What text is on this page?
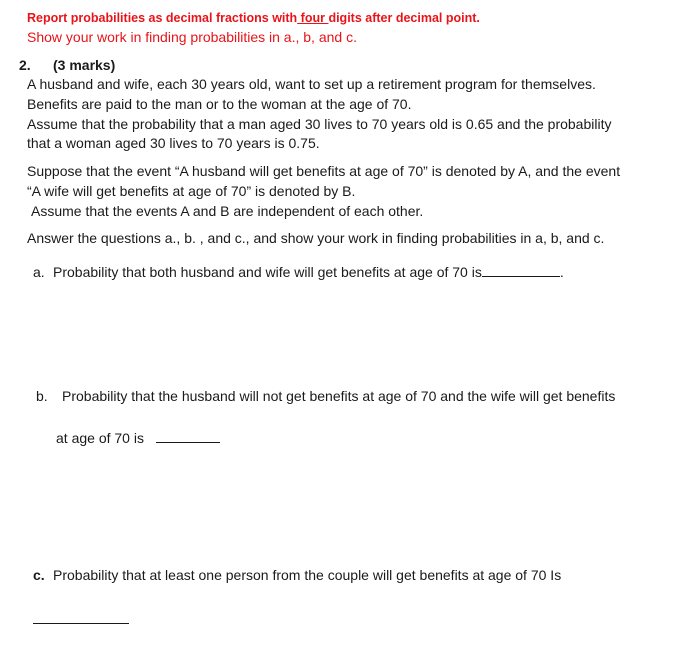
Report probabilities as decimal fractions with four digits after decimal point.
Show your work in finding probabilities in a., b, and c.
2. (3 marks)
A husband and wife, each 30 years old, want to set up a retirement program for themselves.
Benefits are paid to the man or to the woman at the age of 70.
Assume that the probability that a man aged 30 lives to 70 years old is 0.65 and the probability
that a woman aged 30 lives to 70 years is 0.75.
Suppose that the event “A husband will get benefits at age of 70” is denoted by A, and the event
“A wife will get benefits at age of 70” is denoted by B.
Assume that the events A and B are independent of each other.
Answer the questions a., b. , and c., and show your work in finding probabilities in a, b, and c.
a. Probability that both husband and wife will get benefits at age of 70 is	.
b. Probability that the husband will not get benefits at age of 70 and the wife will get benefits
at age of 70 is
c. Probability that at least one person from the couple will get benefits at age of 70 Is
